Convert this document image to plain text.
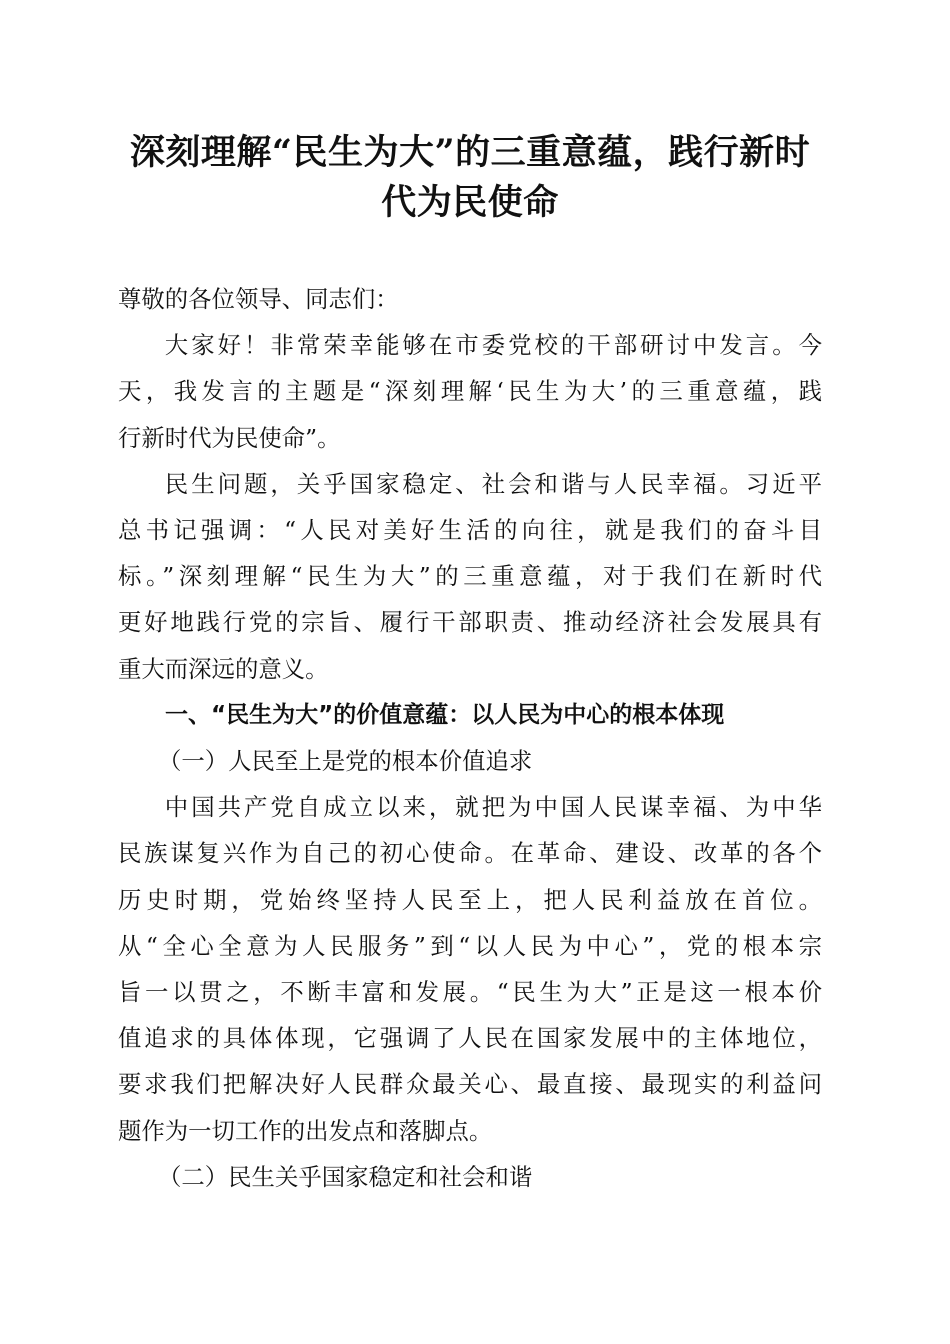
深刻理解“民生为大”的三重意蕴，践行新时
代为民使命

尊敬的各位领导、同志们：

大家好！非常荣幸能够在市委党校的干部研讨中发言。今
天，我发言的主题是“深刻理解‘民生为大’的三重意蕴，践
行新时代为民使命”。

民生问题，关乎国家稳定、社会和谐与人民幸福。习近平
总书记强调：“人民对美好生活的向往，就是我们的奋斗目
标。”深刻理解“民生为大”的三重意蕴，对于我们在新时代
更好地践行党的宗旨、履行干部职责、推动经济社会发展具有
重大而深远的意义。

一、“民生为大”的价值意蕴：以人民为中心的根本体现

（一）人民至上是党的根本价值追求

中国共产党自成立以来，就把为中国人民谋幸福、为中华
民族谋复兴作为自己的初心使命。在革命、建设、改革的各个
历史时期，党始终坚持人民至上，把人民利益放在首位。
从“全心全意为人民服务”到“以人民为中心”，党的根本宗
旨一以贯之，不断丰富和发展。“民生为大”正是这一根本价
值追求的具体体现，它强调了人民在国家发展中的主体地位，
要求我们把解决好人民群众最关心、最直接、最现实的利益问
题作为一切工作的出发点和落脚点。

（二）民生关乎国家稳定和社会和谐
